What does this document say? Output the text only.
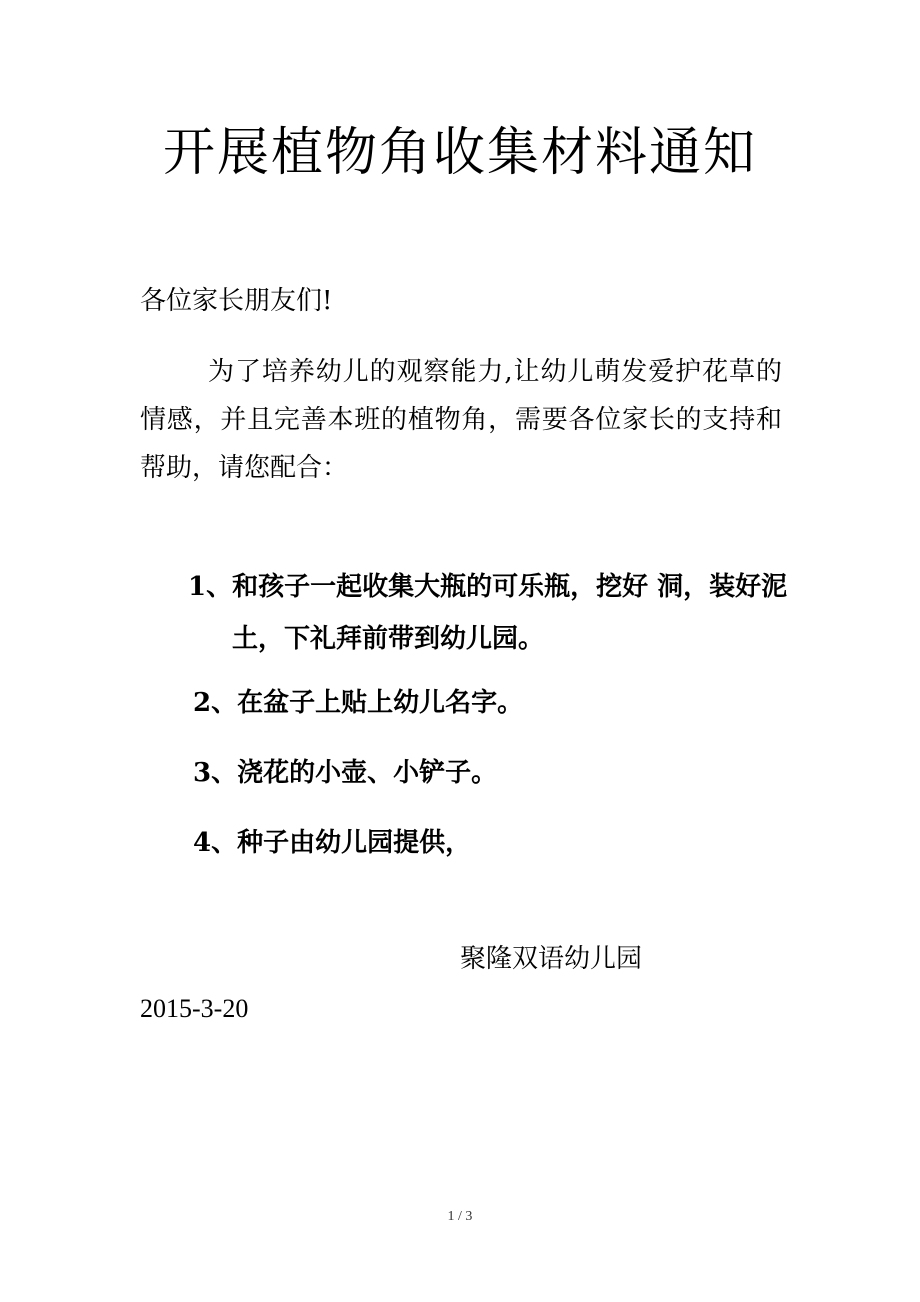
开展植物角收集材料通知
各位家长朋友们!
为了培养幼儿的观察能力,让幼儿萌发爱护花草的情感，并且完善本班的植物角，需要各位家长的支持和帮助，请您配合：
1、和孩子一起收集大瓶的可乐瓶，挖好 洞，装好泥土，下礼拜前带到幼儿园。
2、在盆子上贴上幼儿名字。
3、浇花的小壶、小铲子。
4、种子由幼儿园提供，
聚隆双语幼儿园
2015-3-20
1 / 3
